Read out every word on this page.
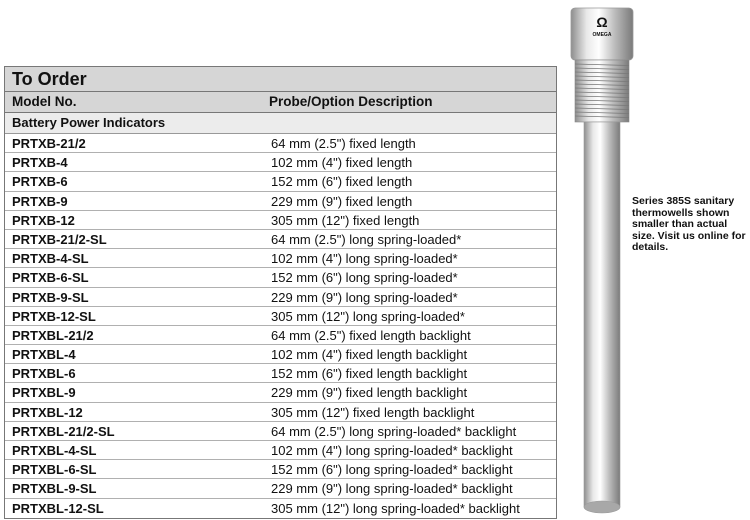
To Order
Model No.	Probe/Option Description
Battery Power Indicators
PRTXB-21/2	64 mm (2.5") fixed length
PRTXB-4	102 mm (4") fixed length
PRTXB-6	152 mm (6") fixed length
PRTXB-9	229 mm (9") fixed length
PRTXB-12	305 mm (12") fixed length
PRTXB-21/2-SL	64 mm (2.5") long spring-loaded*
PRTXB-4-SL	102 mm (4") long spring-loaded*
PRTXB-6-SL	152 mm (6") long spring-loaded*
PRTXB-9-SL	229 mm (9") long spring-loaded*
PRTXB-12-SL	305 mm (12") long spring-loaded*
PRTXBL-21/2	64 mm (2.5") fixed length backlight
PRTXBL-4	102 mm (4") fixed length backlight
PRTXBL-6	152 mm (6") fixed length backlight
PRTXBL-9	229 mm (9") fixed length backlight
PRTXBL-12	305 mm (12") fixed length backlight
PRTXBL-21/2-SL	64 mm (2.5") long spring-loaded* backlight
PRTXBL-4-SL	102 mm (4") long spring-loaded* backlight
PRTXBL-6-SL	152 mm (6") long spring-loaded* backlight
PRTXBL-9-SL	229 mm (9") long spring-loaded* backlight
PRTXBL-12-SL	305 mm (12") long spring-loaded* backlight
Ω
OMEGA
Series 385S sanitary thermowells shown smaller than actual size. Visit us online for details.
